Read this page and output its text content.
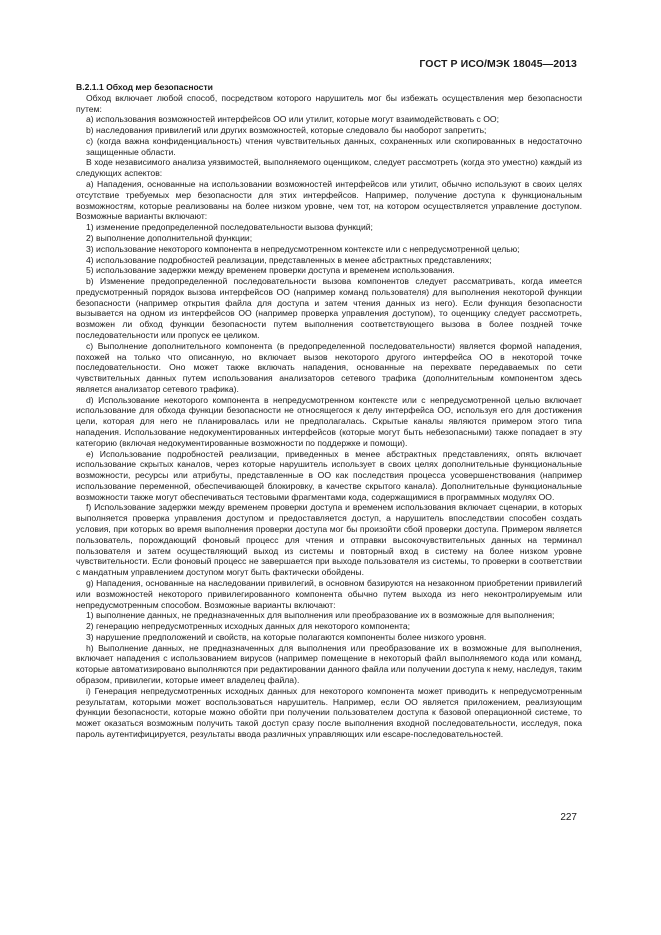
ГОСТ Р ИСО/МЭК 18045—2013

B.2.1.1 Обход мер безопасности

Обход включает любой способ, посредством которого нарушитель мог бы избежать осуществления мер безопасности путем:

а) использования возможностей интерфейсов ОО или утилит, которые могут взаимодействовать с ОО;

b) наследования привилегий или других возможностей, которые следовало бы наоборот запретить;

с) (когда важна конфиденциальность) чтения чувствительных данных, сохраненных или скопированных в недостаточно защищенные области.

В ходе независимого анализа уязвимостей, выполняемого оценщиком, следует рассмотреть (когда это уместно) каждый из следующих аспектов:

a) Нападения, основанные на использовании возможностей интерфейсов или утилит, обычно используют в своих целях отсутствие требуемых мер безопасности для этих интерфейсов. Например, получение доступа к функциональным возможностям, которые реализованы на более низком уровне, чем тот, на котором осуществляется управление доступом. Возможные варианты включают:

1) изменение предопределенной последовательности вызова функций;

2) выполнение дополнительной функции;

3) использование некоторого компонента в непредусмотренном контексте или с непредусмотренной целью;

4) использование подробностей реализации, представленных в менее абстрактных представлениях;

5) использование задержки между временем проверки доступа и временем использования.

b) Изменение предопределенной последовательности вызова компонентов следует рассматривать, когда имеется предусмотренный порядок вызова интерфейсов ОО (например команд пользователя) для выполнения некоторой функции безопасности (например открытия файла для доступа и затем чтения данных из него). Если функция безопасности вызывается на одном из интерфейсов ОО (например проверка управления доступом), то оценщику следует рассмотреть, возможен ли обход функции безопасности путем выполнения соответствующего вызова в более поздней точке последовательности или пропуск ее целиком.

с) Выполнение дополнительного компонента (в предопределенной последовательности) является формой нападения, похожей на только что описанную, но включает вызов некоторого другого интерфейса ОО в некоторой точке последовательности. Оно может также включать нападения, основанные на перехвате передаваемых по сети чувствительных данных путем использования анализаторов сетевого трафика (дополнительным компонентом здесь является анализатор сетевого трафика).

d) Использование некоторого компонента в непредусмотренном контексте или с непредусмотренной целью включает использование для обхода функции безопасности не относящегося к делу интерфейса ОО, используя его для достижения цели, которая для него не планировалась или не предполагалась. Скрытые каналы являются примером этого типа нападения. Использование недокументированных интерфейсов (которые могут быть небезопасными) также попадает в эту категорию (включая недокументированные возможности по поддержке и помощи).

е) Использование подробностей реализации, приведенных в менее абстрактных представлениях, опять включает использование скрытых каналов, через которые нарушитель использует в своих целях дополнительные функциональные возможности, ресурсы или атрибуты, представленные в ОО как последствия процесса усовершенствования (например использование переменной, обеспечивающей блокировку, в качестве скрытого канала). Дополнительные функциональные возможности также могут обеспечиваться тестовыми фрагментами кода, содержащимися в программных модулях ОО.

f) Использование задержки между временем проверки доступа и временем использования включает сценарии, в которых выполняется проверка управления доступом и предоставляется доступ, а нарушитель впоследствии способен создать условия, при которых во время выполнения проверки доступа мог бы произойти сбой проверки доступа. Примером является пользователь, порождающий фоновый процесс для чтения и отправки высокочувствительных данных на терминал пользователя и затем осуществляющий выход из системы и повторный вход в систему на более низком уровне чувствительности. Если фоновый процесс не завершается при выходе пользователя из системы, то проверки в соответствии с мандатным управлением доступом могут быть фактически обойдены.

g) Нападения, основанные на наследовании привилегий, в основном базируются на незаконном приобретении привилегий или возможностей некоторого привилегированного компонента обычно путем выхода из него неконтролируемым или непредусмотренным способом. Возможные варианты включают:

1) выполнение данных, не предназначенных для выполнения или преобразование их в возможные для выполнения;

2) генерацию непредусмотренных исходных данных для некоторого компонента;

3) нарушение предположений и свойств, на которые полагаются компоненты более низкого уровня.

h) Выполнение данных, не предназначенных для выполнения или преобразование их в возможные для выполнения, включает нападения с использованием вирусов (например помещение в некоторый файл выполняемого кода или команд, которые автоматизировано выполняются при редактировании данного файла или получении доступа к нему, наследуя, таким образом, привилегии, которые имеет владелец файла).

i) Генерация непредусмотренных исходных данных для некоторого компонента может приводить к непредусмотренным результатам, которыми может воспользоваться нарушитель. Например, если ОО является приложением, реализующим функции безопасности, которые можно обойти при получении пользователем доступа к базовой операционной системе, то может оказаться возможным получить такой доступ сразу после выполнения входной последовательности, исследуя, пока пароль аутентифицируется, результаты ввода различных управляющих или escape-последовательностей.

227
